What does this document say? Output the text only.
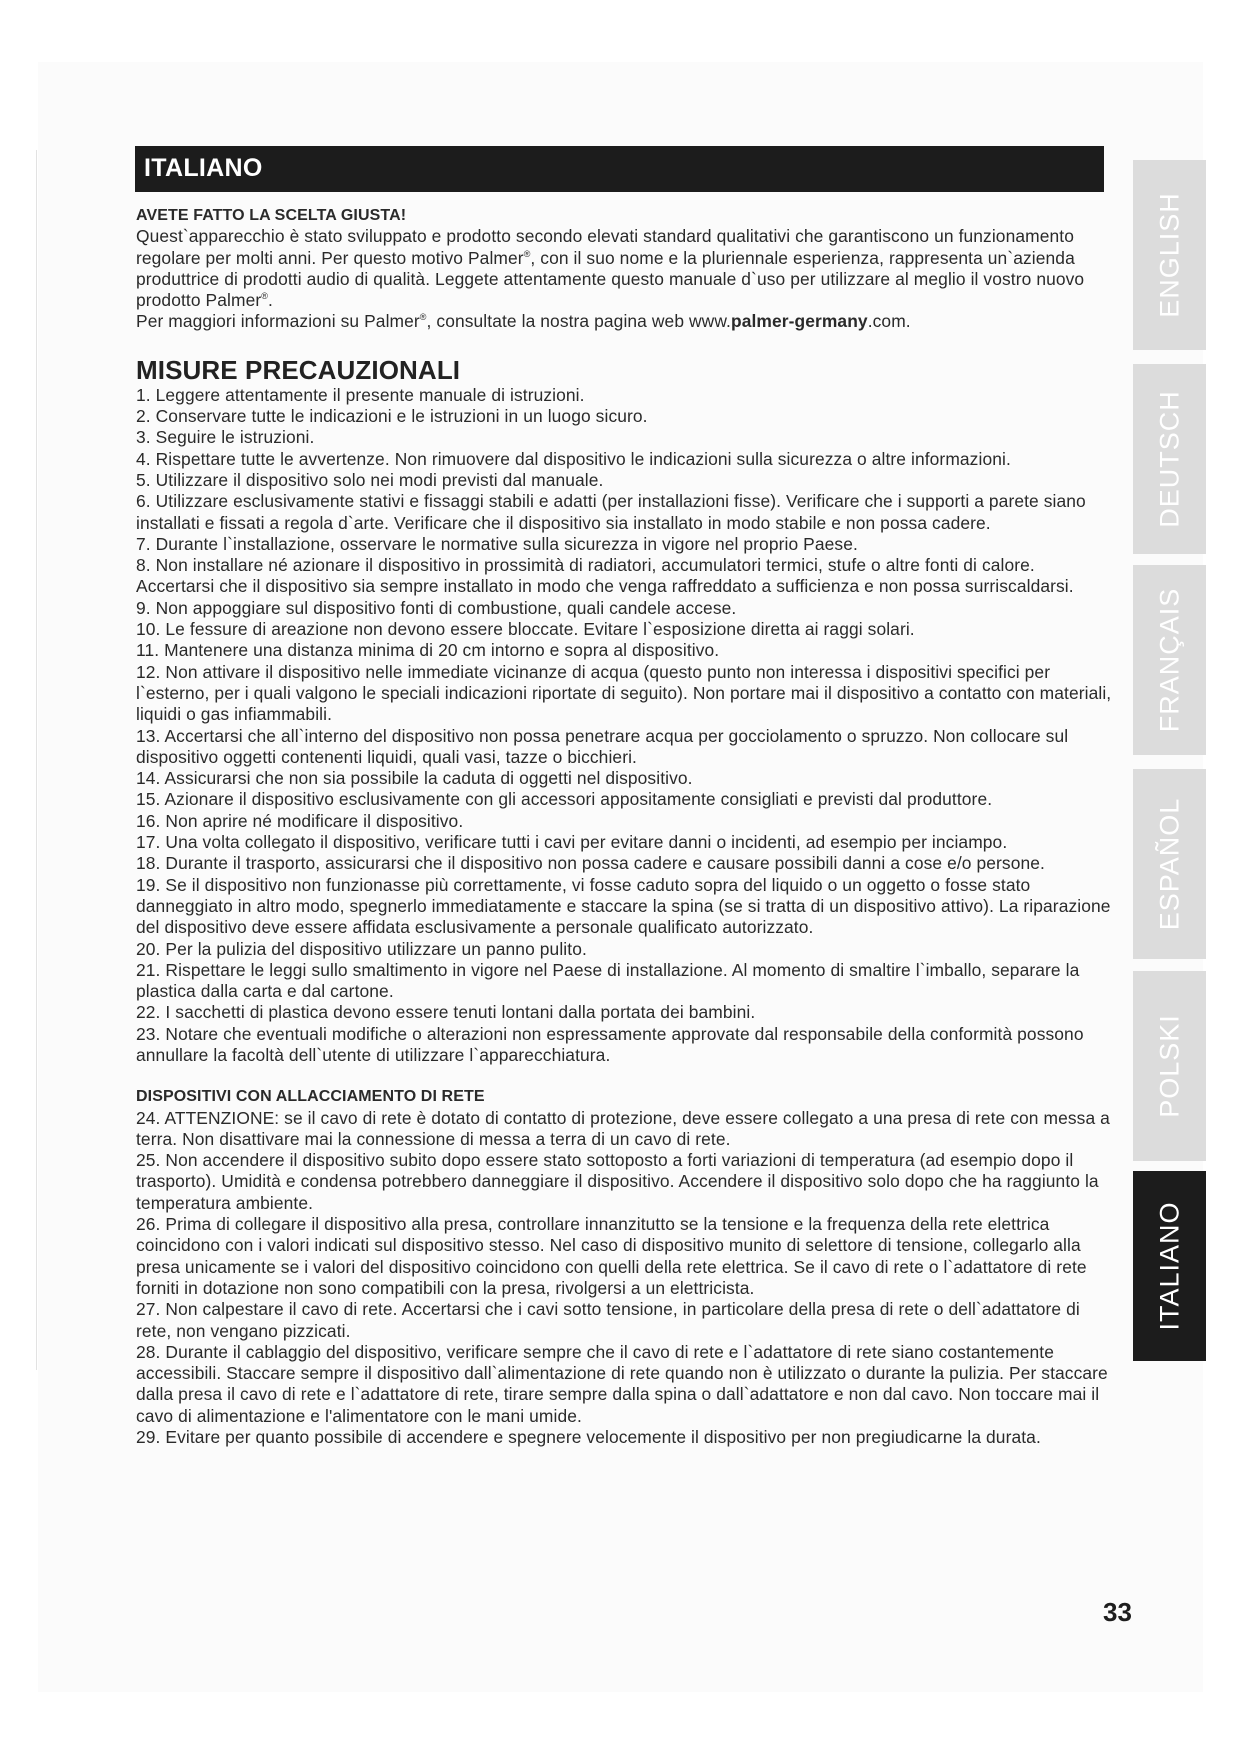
ITALIANO

AVETE FATTO LA SCELTA GIUSTA!

Quest`apparecchio è stato sviluppato e prodotto secondo elevati standard qualitativi che garantiscono un funzionamento regolare per molti anni. Per questo motivo Palmer®, con il suo nome e la pluriennale esperienza, rappresenta un`azienda produttrice di prodotti audio di qualità. Leggete attentamente questo manuale d`uso per utilizzare al meglio il vostro nuovo prodotto Palmer®.

Per maggiori informazioni su Palmer®, consultate la nostra pagina web www.palmer-germany.com.

MISURE PRECAUZIONALI

1. Leggere attentamente il presente manuale di istruzioni.

2. Conservare tutte le indicazioni e le istruzioni in un luogo sicuro.

3. Seguire le istruzioni.

4. Rispettare tutte le avvertenze. Non rimuovere dal dispositivo le indicazioni sulla sicurezza o altre informazioni.

5. Utilizzare il dispositivo solo nei modi previsti dal manuale.

6. Utilizzare esclusivamente stativi e fissaggi stabili e adatti (per installazioni fisse). Verificare che i supporti a parete siano installati e fissati a regola d`arte. Verificare che il dispositivo sia installato in modo stabile e non possa cadere.

7. Durante l`installazione, osservare le normative sulla sicurezza in vigore nel proprio Paese.

8. Non installare né azionare il dispositivo in prossimità di radiatori, accumulatori termici, stufe o altre fonti di calore. Accertarsi che il dispositivo sia sempre installato in modo che venga raffreddato a sufficienza e non possa surriscaldarsi.

9. Non appoggiare sul dispositivo fonti di combustione, quali candele accese.

10. Le fessure di areazione non devono essere bloccate. Evitare l`esposizione diretta ai raggi solari.

11. Mantenere una distanza minima di 20 cm intorno e sopra al dispositivo.

12. Non attivare il dispositivo nelle immediate vicinanze di acqua (questo punto non interessa i dispositivi specifici per l`esterno, per i quali valgono le speciali indicazioni riportate di seguito). Non portare mai il dispositivo a contatto con materiali, liquidi o gas infiammabili.

13. Accertarsi che all`interno del dispositivo non possa penetrare acqua per gocciolamento o spruzzo. Non collocare sul dispositivo oggetti contenenti liquidi, quali vasi, tazze o bicchieri.

14. Assicurarsi che non sia possibile la caduta di oggetti nel dispositivo.

15. Azionare il dispositivo esclusivamente con gli accessori appositamente consigliati e previsti dal produttore.

16. Non aprire né modificare il dispositivo.

17. Una volta collegato il dispositivo, verificare tutti i cavi per evitare danni o incidenti, ad esempio per inciampo.

18. Durante il trasporto, assicurarsi che il dispositivo non possa cadere e causare possibili danni a cose e/o persone.

19. Se il dispositivo non funzionasse più correttamente, vi fosse caduto sopra del liquido o un oggetto o fosse stato danneggiato in altro modo, spegnerlo immediatamente e staccare la spina (se si tratta di un dispositivo attivo). La riparazione del dispositivo deve essere affidata esclusivamente a personale qualificato autorizzato.

20. Per la pulizia del dispositivo utilizzare un panno pulito.

21. Rispettare le leggi sullo smaltimento in vigore nel Paese di installazione. Al momento di smaltire l`imballo, separare la plastica dalla carta e dal cartone.

22. I sacchetti di plastica devono essere tenuti lontani dalla portata dei bambini.

23. Notare che eventuali modifiche o alterazioni non espressamente approvate dal responsabile della conformità possono annullare la facoltà dell`utente di utilizzare l`apparecchiatura.

DISPOSITIVI CON ALLACCIAMENTO DI RETE

24. ATTENZIONE: se il cavo di rete è dotato di contatto di protezione, deve essere collegato a una presa di rete con messa a terra. Non disattivare mai la connessione di messa a terra di un cavo di rete.

25. Non accendere il dispositivo subito dopo essere stato sottoposto a forti variazioni di temperatura (ad esempio dopo il trasporto). Umidità e condensa potrebbero danneggiare il dispositivo. Accendere il dispositivo solo dopo che ha raggiunto la temperatura ambiente.

26. Prima di collegare il dispositivo alla presa, controllare innanzitutto se la tensione e la frequenza della rete elettrica coincidono con i valori indicati sul dispositivo stesso. Nel caso di dispositivo munito di selettore di tensione, collegarlo alla presa unicamente se i valori del dispositivo coincidono con quelli della rete elettrica. Se il cavo di rete o l`adattatore di rete forniti in dotazione non sono compatibili con la presa, rivolgersi a un elettricista.

27. Non calpestare il cavo di rete. Accertarsi che i cavi sotto tensione, in particolare della presa di rete o dell`adattatore di rete, non vengano pizzicati.

28. Durante il cablaggio del dispositivo, verificare sempre che il cavo di rete e l`adattatore di rete siano costantemente accessibili. Staccare sempre il dispositivo dall`alimentazione di rete quando non è utilizzato o durante la pulizia. Per staccare dalla presa il cavo di rete e l`adattatore di rete, tirare sempre dalla spina o dall`adattatore e non dal cavo. Non toccare mai il cavo di alimentazione e l'alimentatore con le mani umide.

29. Evitare per quanto possibile di accendere e spegnere velocemente il dispositivo per non pregiudicarne la durata.

ENGLISH
DEUTSCH
FRANÇAIS
ESPAÑOL
POLSKI
ITALIANO
33
